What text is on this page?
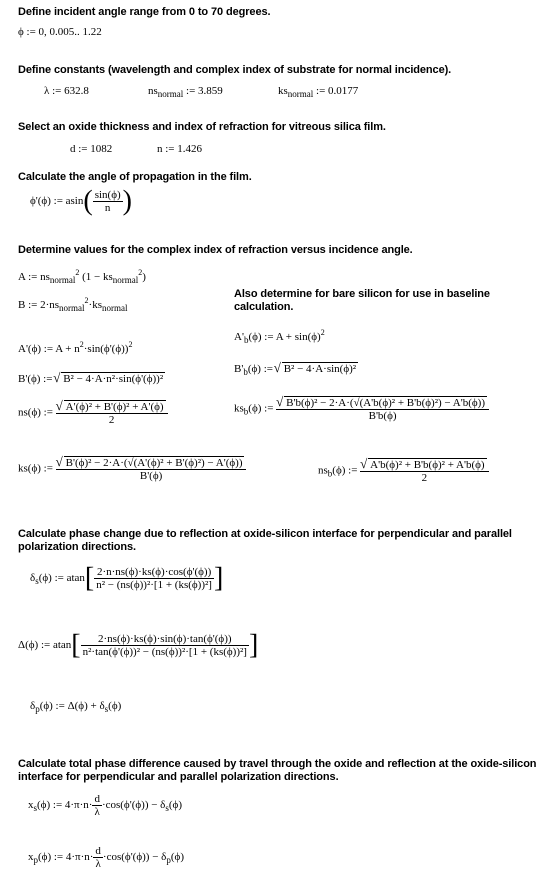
Define incident angle range from 0 to 70 degrees.
ϕ := 0, 0.005.. 1.22
Define constants (wavelength and complex index of substrate for normal incidence).
λ := 632.8	$ns_{normal}$ := 3.859	$ks_{normal}$ := 0.0177
Select an oxide thickness and index of refraction for vitreous silica film.
d := 1082	n := 1.426
Calculate the angle of propagation in the film.
ϕ'(ϕ) := $asin( \frac{\sin(\phi)}{n}$ )
Determine values for the complex index of refraction versus incidence angle.
A := $ns_{normal}^2$ $(1 - ks_{normal}^2)$
B := $2\cdot ns_{normal}^2\cdot ks_{normal}$
Also determine for bare silicon for use in baseline calculation.
A'(ϕ) := $A + n^2\cdot\sin(\phi'(\phi))^2$
$A'_b(\phi)$ := $A + \sin(\phi)^2$
B'(ϕ) := √ B² − 4·A·n²·sin(ϕ'(ϕ))²
$B'_b(\phi)$ := √ B² − 4·A·sin(ϕ)²
ns(ϕ) := √ $\frac{\text{A'(ϕ)² + B'(ϕ)² + A'(ϕ)}}{2}$	$ks_b(\phi)$ := √ $\frac{\text{B'b(ϕ)² − 2·A·(√(A'b(ϕ)² + B'b(ϕ)²) − A'b(ϕ))}}{B'b(\phi)}$
ks(ϕ) := √ $\frac{\text{B'(ϕ)² − 2·A·(√(A'(ϕ)² + B'(ϕ)²) − A'(ϕ))}}{B'(\phi)}$	$ns_b(\phi)$ := √ $\frac{\text{A'b(ϕ)² + B'b(ϕ)² + A'b(ϕ)}}{2}$
Calculate phase change due to reflection at oxide-silicon interface for perpendicular and parallel polarization directions.
$\delta_s(\phi)$ := $atan[ \frac{2\cdot n\cdot ns(\phi)\cdot ks(\phi)\cdot\cos(\phi'(\phi))}{\text{n² − (ns(ϕ))²·[1 + (ks(ϕ))²]}}$ ]
Δ(ϕ) := $atan[ \frac{2\cdot ns(\phi)\cdot ks(\phi)\cdot\sin(\phi)\cdot\tan(\phi'(\phi))}{\text{n²·tan(ϕ'(ϕ))² − (ns(ϕ))²·[1 + (ks(ϕ))²]}}$ ]
$\delta_p(\phi)$ := $\Delta(\phi) + \delta_s(\phi)$
Calculate total phase difference caused by travel through the oxide and reflection at the oxide-silicon interface for perpendicular and parallel polarization directions.
$x_s(\phi)$ := $4\cdot\pi\cdot n\cdot \frac{d}{\lambda} \cdot\cos(\phi'(\phi)) - \delta_s(\phi)$
$x_p(\phi)$ := $4\cdot\pi\cdot n\cdot \frac{d}{\lambda} \cdot\cos(\phi'(\phi)) - \delta_p(\phi)$
